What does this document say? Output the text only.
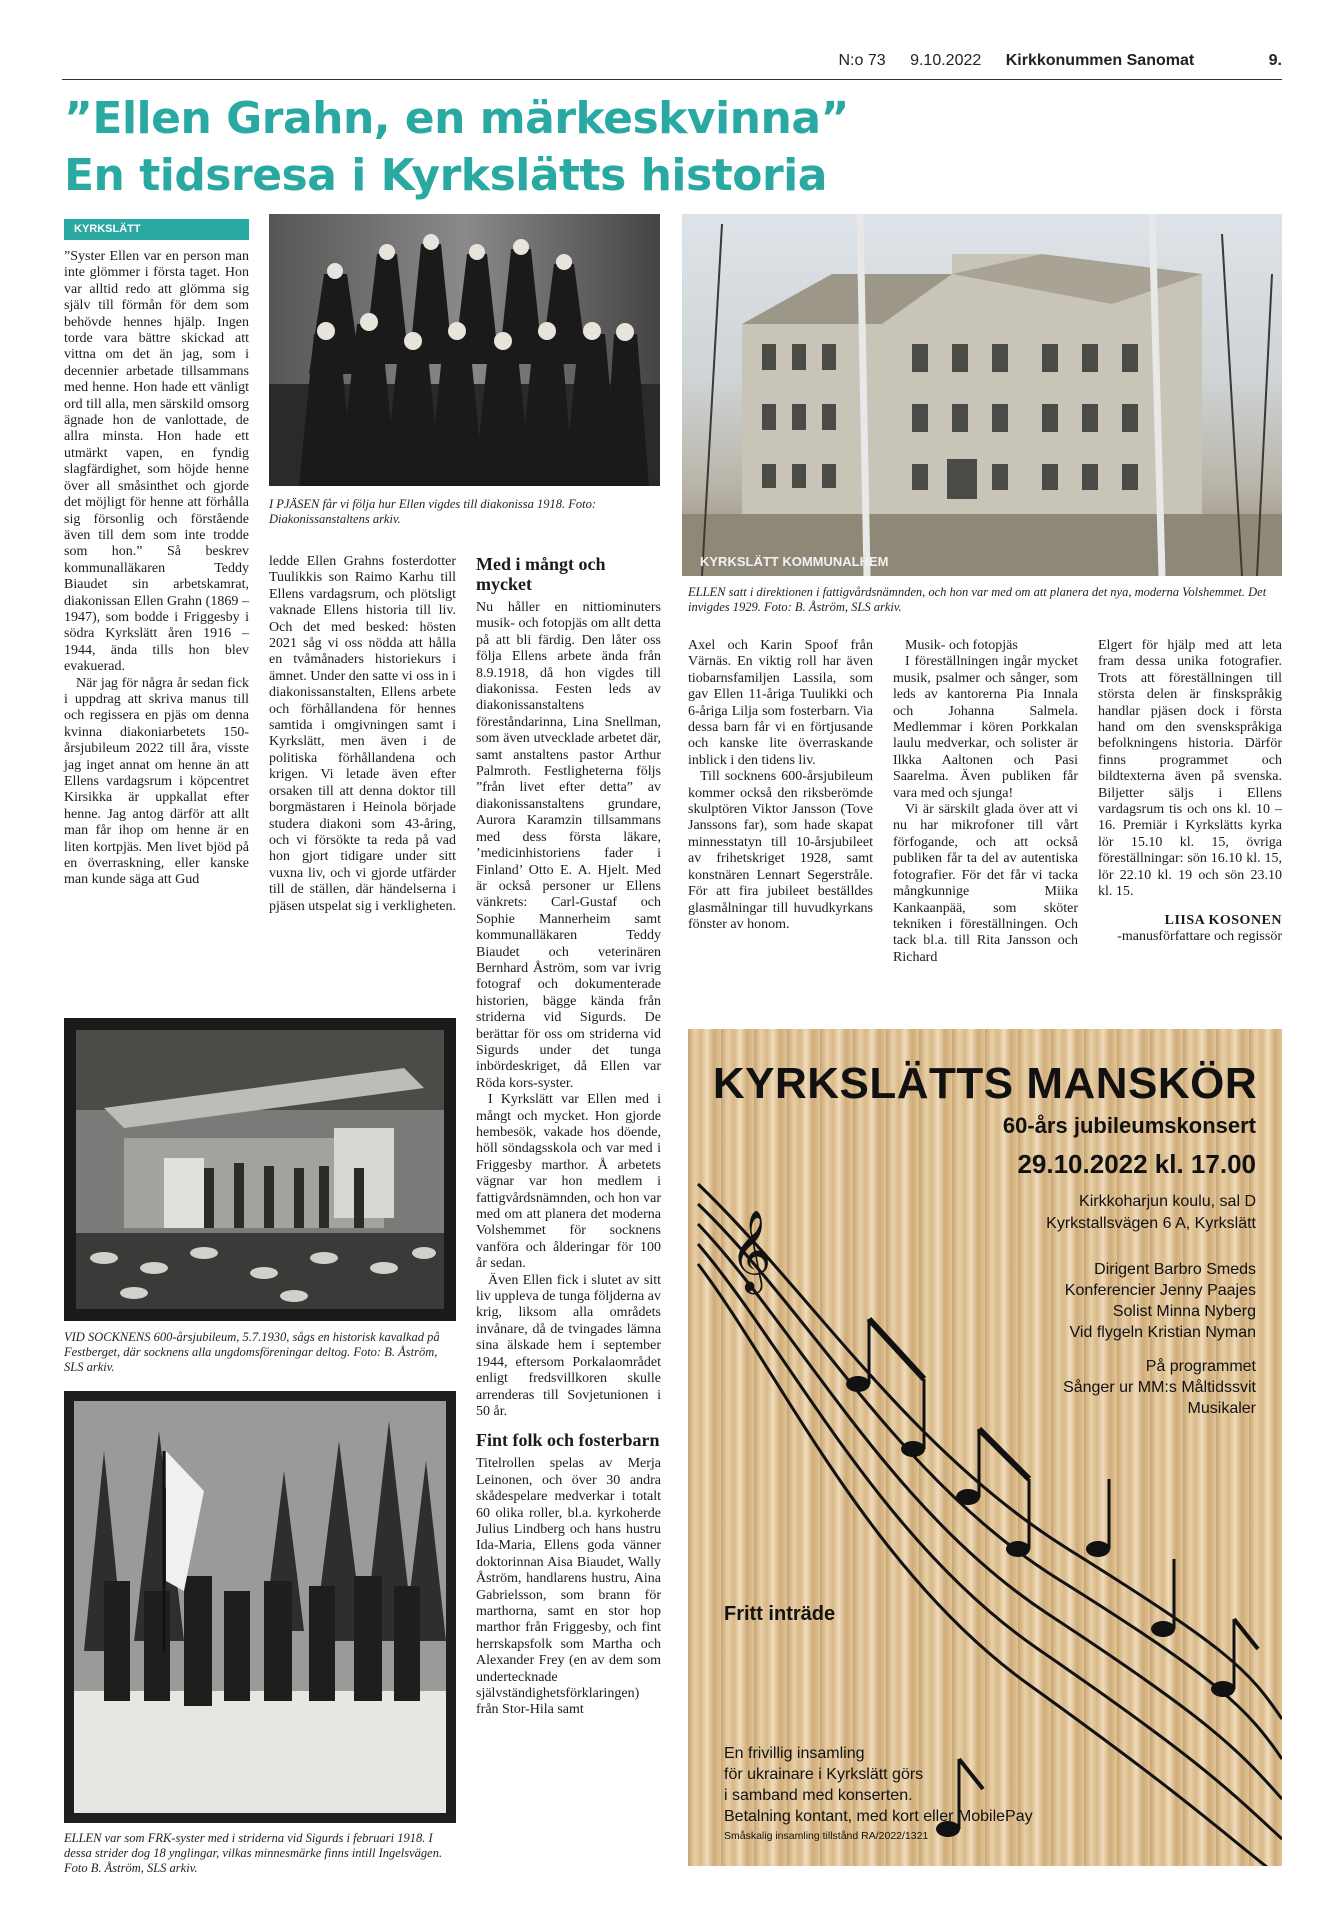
N:o 73 9.10.2022 Kirkkonummen Sanomat	9.
”Ellen Grahn, en märkeskvinna”
En tidsresa i Kyrkslätts historia
KYRKSLÄTT

”Syster Ellen var en person man inte glömmer i första taget. Hon var alltid redo att glömma sig själv till förmån för dem som behövde hennes hjälp. Ingen torde vara bättre skickad att vittna om det än jag, som i decennier arbetade tillsammans med henne. Hon hade ett vänligt ord till alla, men särskild omsorg ägnade hon de vanlottade, de allra minsta. Hon hade ett utmärkt vapen, en fyndig slagfärdighet, som höjde henne över all småsinthet och gjorde det möjligt för henne att förhålla sig försonlig och förstående även till dem som inte trodde som hon.” Så beskrev kommunalläkaren Teddy Biaudet sin arbetskamrat, diakonissan Ellen Grahn (1869 – 1947), som bodde i Friggesby i södra Kyrkslätt åren 1916 – 1944, ända tills hon blev evakuerad.

När jag för några år sedan fick i uppdrag att skriva manus till och regissera en pjäs om denna kvinna diakoniarbetets 150-årsjubileum 2022 till åra, visste jag inget annat om henne än att Ellens vardagsrum i köpcentret Kirsikka är uppkallat efter henne. Jag antog därför att allt man får ihop om henne är en liten kortpjäs. Men livet bjöd på en överraskning, eller kanske man kunde säga att Gud

I PJÄSEN får vi följa hur Ellen vigdes till diakonissa 1918. Foto: Diakonissanstaltens arkiv.

ledde Ellen Grahns fosterdotter Tuulikkis son Raimo Karhu till Ellens vardagsrum, och plötsligt vaknade Ellens historia till liv. Och det med besked: hösten 2021 såg vi oss nödda att hålla en tvåmånaders historiekurs i ämnet. Under den satte vi oss in i diakonissanstalten, Ellens arbete och förhållandena för hennes samtida i omgivningen samt i Kyrkslätt, men även i de politiska förhållandena och krigen. Vi letade även efter orsaken till att denna doktor till borgmästaren i Heinola började studera diakoni som 43-åring, och vi försökte ta reda på vad hon gjort tidigare under sitt vuxna liv, och vi gjorde utfärder till de ställen, där händelserna i pjäsen utspelat sig i verkligheten.

Med i mångt och mycket

Nu håller en nittiominuters musik- och fotopjäs om allt detta på att bli färdig. Den låter oss följa Ellens arbete ända från 8.9.1918, då hon vigdes till diakonissa. Festen leds av diakonissanstaltens föreståndarinna, Lina Snellman, som även utvecklade arbetet där, samt anstaltens pastor Arthur Palmroth. Festligheterna följs ”från livet efter detta” av diakonissanstaltens grundare, Aurora Karamzin tillsammans med dess första läkare, ’medicinhistoriens fader i Finland’ Otto E. A. Hjelt. Med är också personer ur Ellens vänkrets: Carl-Gustaf och Sophie Mannerheim samt kommunalläkaren Teddy Biaudet och veterinären Bernhard Åström, som var ivrig fotograf och dokumenterade historien, bägge kända från striderna vid Sigurds. De berättar för oss om striderna vid Sigurds under det tunga inbördeskriget, då Ellen var Röda kors-syster.

I Kyrkslätt var Ellen med i mångt och mycket. Hon gjorde hembesök, vakade hos döende, höll söndagsskola och var med i Friggesby marthor. Å arbetets vägnar var hon medlem i fattigvårdsnämnden, och hon var med om att planera det moderna Volshemmet för socknens vanföra och ålderingar för 100 år sedan.

Även Ellen fick i slutet av sitt liv uppleva de tunga följderna av krig, liksom alla områdets invånare, då de tvingades lämna sina älskade hem i september 1944, eftersom Porkalaområdet enligt fredsvillkoren skulle arrenderas till Sovjetunionen i 50 år.

Fint folk och fosterbarn

Titelrollen spelas av Merja Leinonen, och över 30 andra skådespelare medverkar i totalt 60 olika roller, bl.a. kyrkoherde Julius Lindberg och hans hustru Ida-Maria, Ellens goda vänner doktorinnan Aisa Biaudet, Wally Åström, handlarens hustru, Aina Gabrielsson, som brann för marthorna, samt en stor hop marthor från Friggesby, och fint herrskapsfolk som Martha och Alexander Frey (en av dem som undertecknade självständighetsförklaringen) från Stor-Hila samt

KYRKSLÄTT KOMMUNALHEM
ELLEN satt i direktionen i fattigvårdsnämnden, och hon var med om att planera det nya, moderna Volshemmet. Det invigdes 1929. Foto: B. Åström, SLS arkiv.

Axel och Karin Spoof från Värnäs. En viktig roll har även tiobarnsfamiljen Lassila, som gav Ellen 11-åriga Tuulikki och 6-åriga Lilja som fosterbarn. Via dessa barn får vi en förtjusande och kanske lite överraskande inblick i den tidens liv.

Till socknens 600-årsjubileum kommer också den riksberömde skulptören Viktor Jansson (Tove Janssons far), som hade skapat minnesstatyn till 10-årsjubileet av frihetskriget 1928, samt konstnären Lennart Segerstråle. För att fira jubileet beställdes glasmålningar till huvudkyrkans fönster av honom.

Musik- och fotopjäs

I föreställningen ingår mycket musik, psalmer och sånger, som leds av kantorerna Pia Innala och Johanna Salmela. Medlemmar i kören Porkkalan laulu medverkar, och solister är Ilkka Aaltonen och Pasi Saarelma. Även publiken får vara med och sjunga!

Vi är särskilt glada över att vi nu har mikrofoner till vårt förfogande, och att också publiken får ta del av autentiska fotografier. För det får vi tacka mångkunnige Miika Kankaanpää, som sköter tekniken i föreställningen. Och tack bl.a. till Rita Jansson och Richard

Elgert för hjälp med att leta fram dessa unika fotografier. Trots att föreställningen till största delen är finskspråkig handlar pjäsen dock i första hand om den svenskspråkiga befolkningens historia. Därför finns programmet och bildtexterna även på svenska. Biljetter säljs i Ellens vardagsrum tis och ons kl. 10 – 16. Premiär i Kyrkslätts kyrka lör 15.10 kl. 15, övriga föreställningar: sön 16.10 kl. 15, lör 22.10 kl. 19 och sön 23.10 kl. 15.

LIISA KOSONEN
-manusförfattare och regissör
VID SOCKNENS 600-årsjubileum, 5.7.1930, sågs en historisk kavalkad på Festberget, där socknens alla ungdomsföreningar deltog. Foto: B. Åström, SLS arkiv.
ELLEN var som FRK-syster med i striderna vid Sigurds i februari 1918. I dessa strider dog 18 ynglingar, vilkas minnesmärke finns intill Ingelsvägen. Foto B. Åström, SLS arkiv.
𝄞
KYRKSLÄTTS MANSKÖR
60-års jubileumskonsert
29.10.2022 kl. 17.00
Kirkkoharjun koulu, sal D
Kyrkstallsvägen 6 A, Kyrkslätt
Dirigent Barbro Smeds
Konferencier Jenny Paajes
Solist Minna Nyberg
Vid flygeln Kristian Nyman
På programmet
Sånger ur MM:s Måltidssvit
Musikaler
Fritt inträde
En frivillig insamling
för ukrainare i Kyrkslätt görs
i samband med konserten.
Betalning kontant, med kort eller MobilePay
Småskalig insamling tillstånd RA/2022/1321
